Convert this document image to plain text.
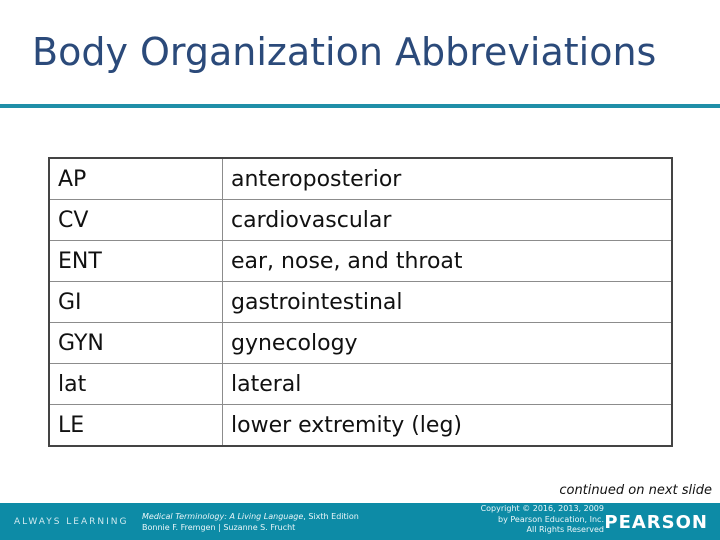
Body Organization Abbreviations
AP	anteroposterior
CV	cardiovascular
ENT	ear, nose, and throat
GI	gastrointestinal
GYN	gynecology
lat	lateral
LE	lower extremity (leg)
continued on next slide
ALWAYS LEARNING
Medical Terminology: A Living Language, Sixth Edition
Bonnie F. Fremgen | Suzanne S. Frucht
Copyright © 2016, 2013, 2009
by Pearson Education, Inc.
All Rights Reserved PEARSON
